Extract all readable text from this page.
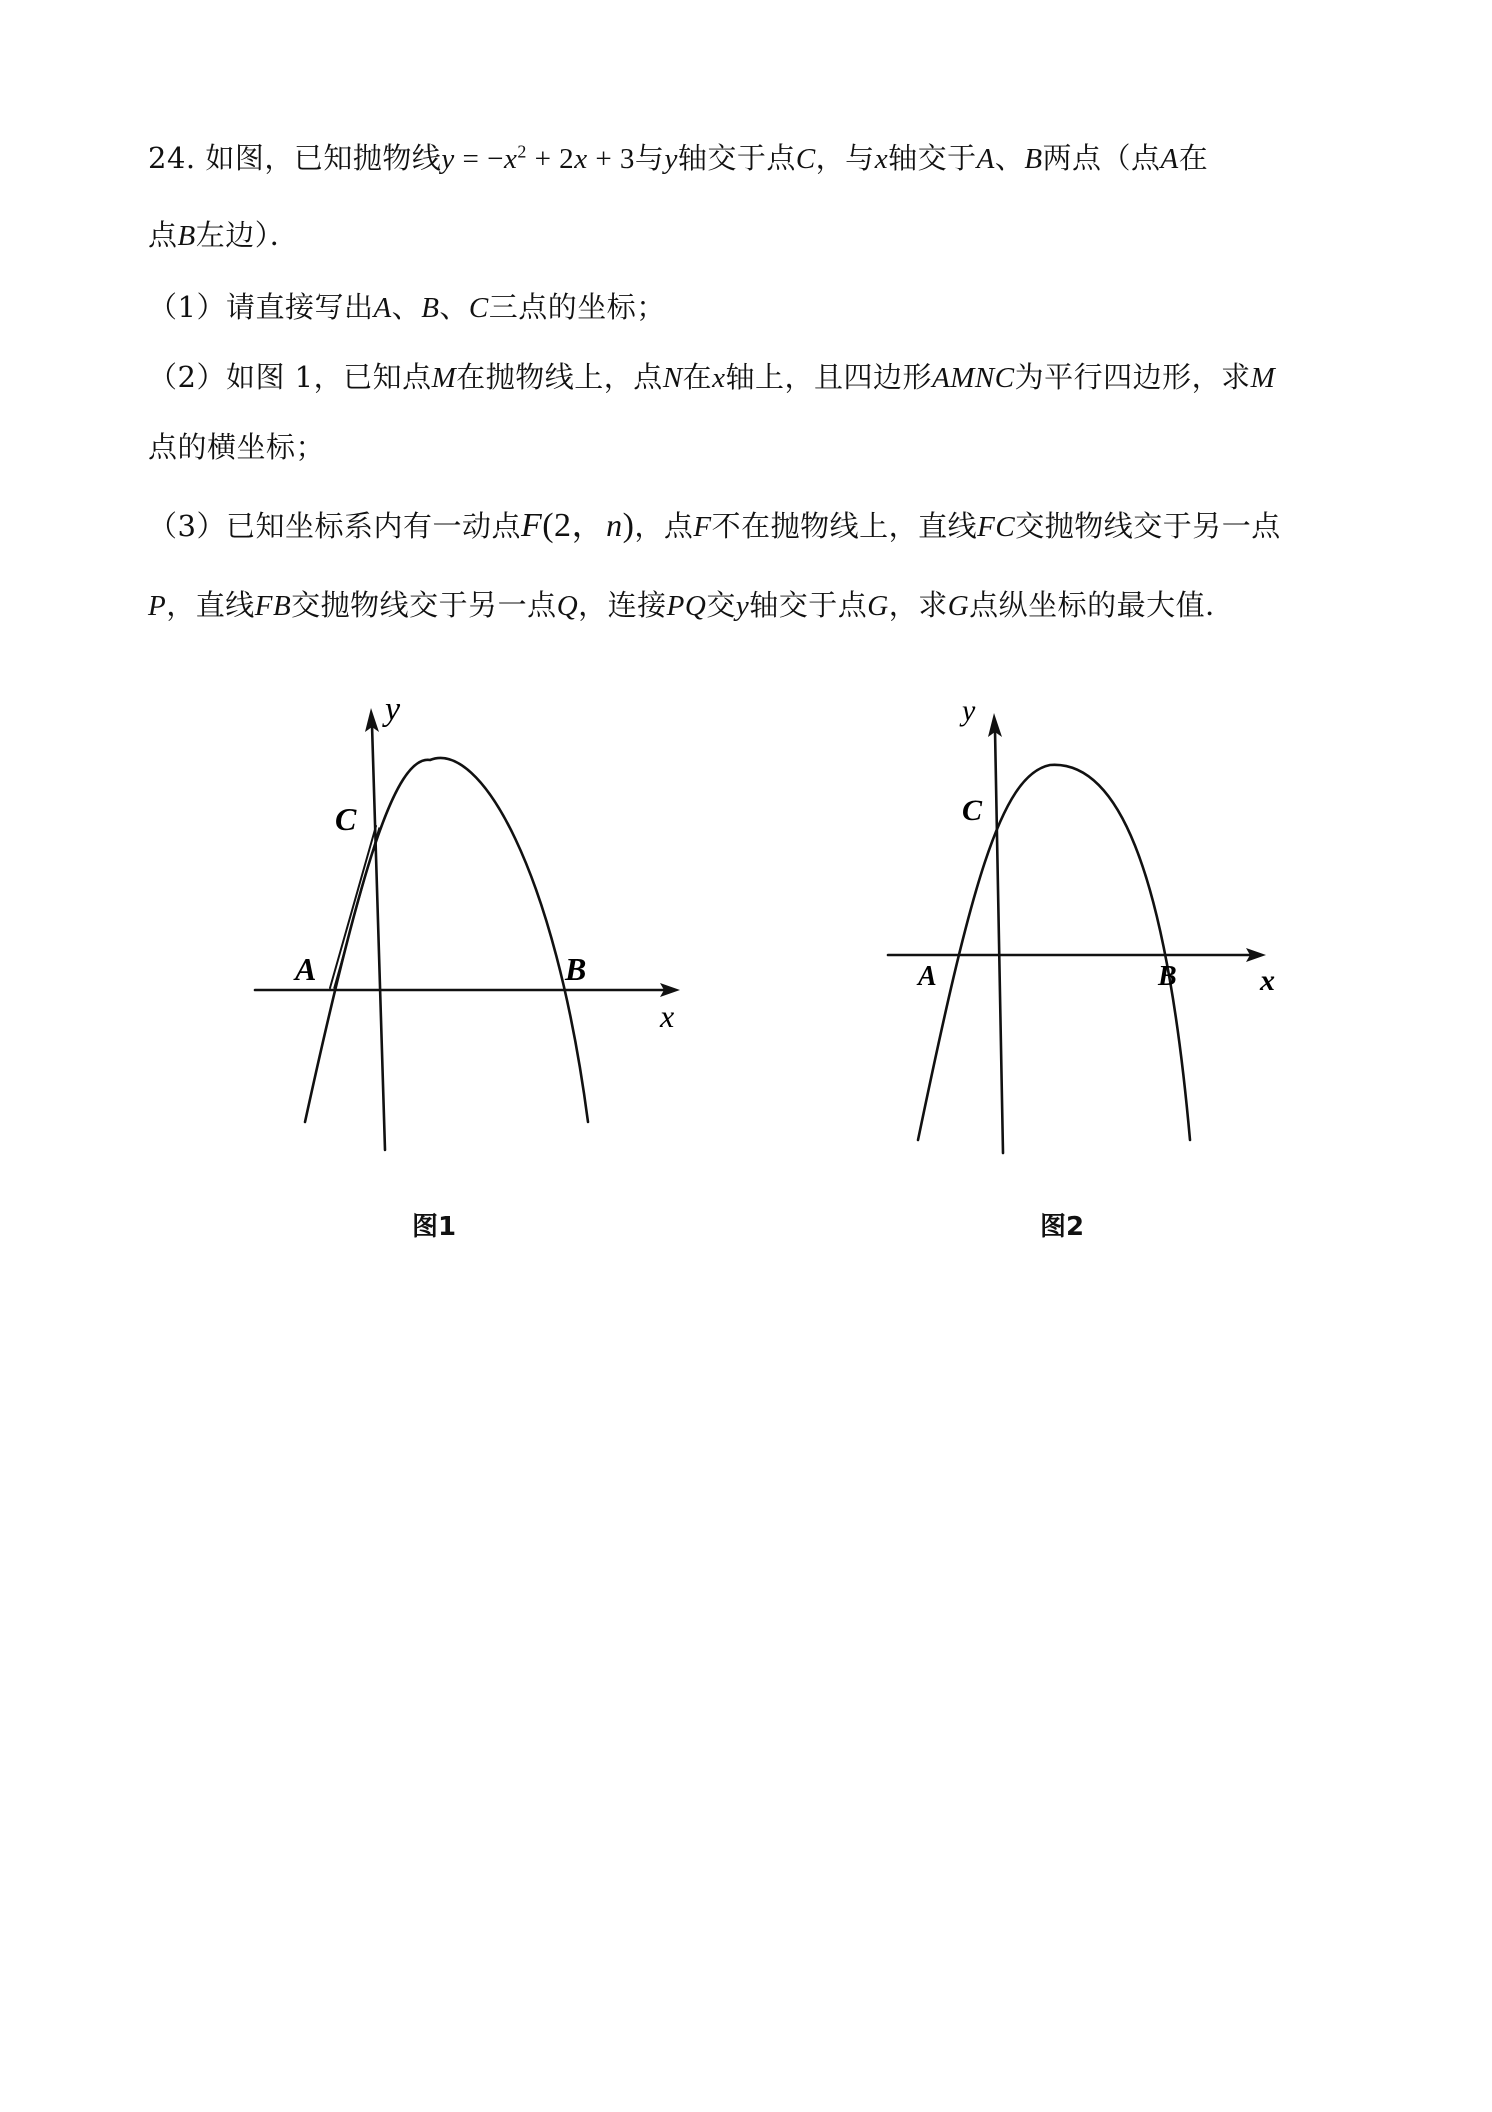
24. 如图，已知抛物线$y = -x^2 + 2x + 3$与y轴交于点C，与x轴交于A、B两点（点A在
点B左边）．
（1）请直接写出A、B、C三点的坐标；
（2）如图 1，已知点M在抛物线上，点N在x轴上，且四边形AMNC为平行四边形，求M
点的横坐标；
（3）已知坐标系内有一动点F(2，n)，点F不在抛物线上，直线FC交抛物线交于另一点
P，直线FB交抛物线交于另一点Q，连接PQ交y轴交于点G，求G点纵坐标的最大值．
y
x
A	B
C
y
x
A	B
C
图1	图2
